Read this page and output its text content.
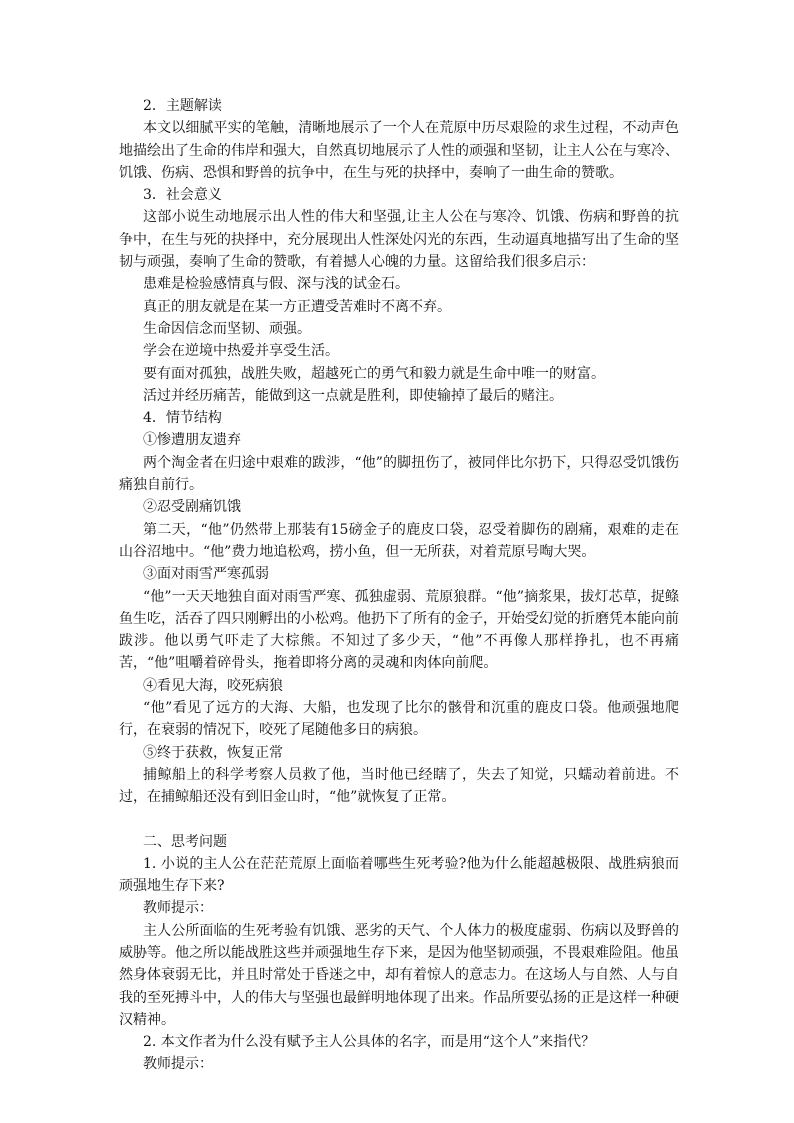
2．主题解读

本文以细腻平实的笔触，清晰地展示了一个人在荒原中历尽艰险的求生过程，不动声色地描绘出了生命的伟岸和强大，自然真切地展示了人性的顽强和坚韧，让主人公在与寒冷、饥饿、伤病、恐惧和野兽的抗争中，在生与死的抉择中，奏响了一曲生命的赞歌。

3．社会意义

这部小说生动地展示出人性的伟大和坚强,让主人公在与寒冷、饥饿、伤病和野兽的抗争中，在生与死的抉择中，充分展现出人性深处闪光的东西，生动逼真地描写出了生命的坚韧与顽强，奏响了生命的赞歌，有着撼人心魄的力量。这留给我们很多启示：

患难是检验感情真与假、深与浅的试金石。

真正的朋友就是在某一方正遭受苦难时不离不弃。

生命因信念而坚韧、顽强。

学会在逆境中热爱并享受生活。

要有面对孤独，战胜失败，超越死亡的勇气和毅力就是生命中唯一的财富。

活过并经历痛苦，能做到这一点就是胜利，即使输掉了最后的赌注。

4．情节结构

①惨遭朋友遗弃

两个淘金者在归途中艰难的跋涉，“他”的脚扭伤了，被同伴比尔扔下，只得忍受饥饿伤痛独自前行。

②忍受剧痛饥饿

第二天，“他”仍然带上那装有15磅金子的鹿皮口袋，忍受着脚伤的剧痛，艰难的走在山谷沼地中。“他”费力地追松鸡，捞小鱼，但一无所获，对着荒原号啕大哭。

③面对雨雪严寒孤弱

“他”一天天地独自面对雨雪严寒、孤独虚弱、荒原狼群。“他”摘浆果，拔灯芯草，捉鲦鱼生吃，活吞了四只刚孵出的小松鸡。他扔下了所有的金子，开始受幻觉的折磨凭本能向前跋涉。他以勇气吓走了大棕熊。不知过了多少天，“他”不再像人那样挣扎，也不再痛苦，“他”咀嚼着碎骨头，拖着即将分离的灵魂和肉体向前爬。

④看见大海，咬死病狼

“他”看见了远方的大海、大船，也发现了比尔的骸骨和沉重的鹿皮口袋。他顽强地爬行，在衰弱的情况下，咬死了尾随他多日的病狼。

⑤终于获救，恢复正常

捕鲸船上的科学考察人员救了他，当时他已经瞎了，失去了知觉，只蠕动着前进。不过，在捕鲸船还没有到旧金山时，“他”就恢复了正常。

二、思考问题

1. 小说的主人公在茫茫荒原上面临着哪些生死考验?他为什么能超越极限、战胜病狼而顽强地生存下来?

教师提示：

主人公所面临的生死考验有饥饿、恶劣的天气、个人体力的极度虚弱、伤病以及野兽的威胁等。他之所以能战胜这些并顽强地生存下来，是因为他坚韧顽强，不畏艰难险阻。他虽然身体衰弱无比，并且时常处于昏迷之中，却有着惊人的意志力。在这场人与自然、人与自我的至死搏斗中，人的伟大与坚强也最鲜明地体现了出来。作品所要弘扬的正是这样一种硬汉精神。

2. 本文作者为什么没有赋予主人公具体的名字，而是用“这个人”来指代？

教师提示：
